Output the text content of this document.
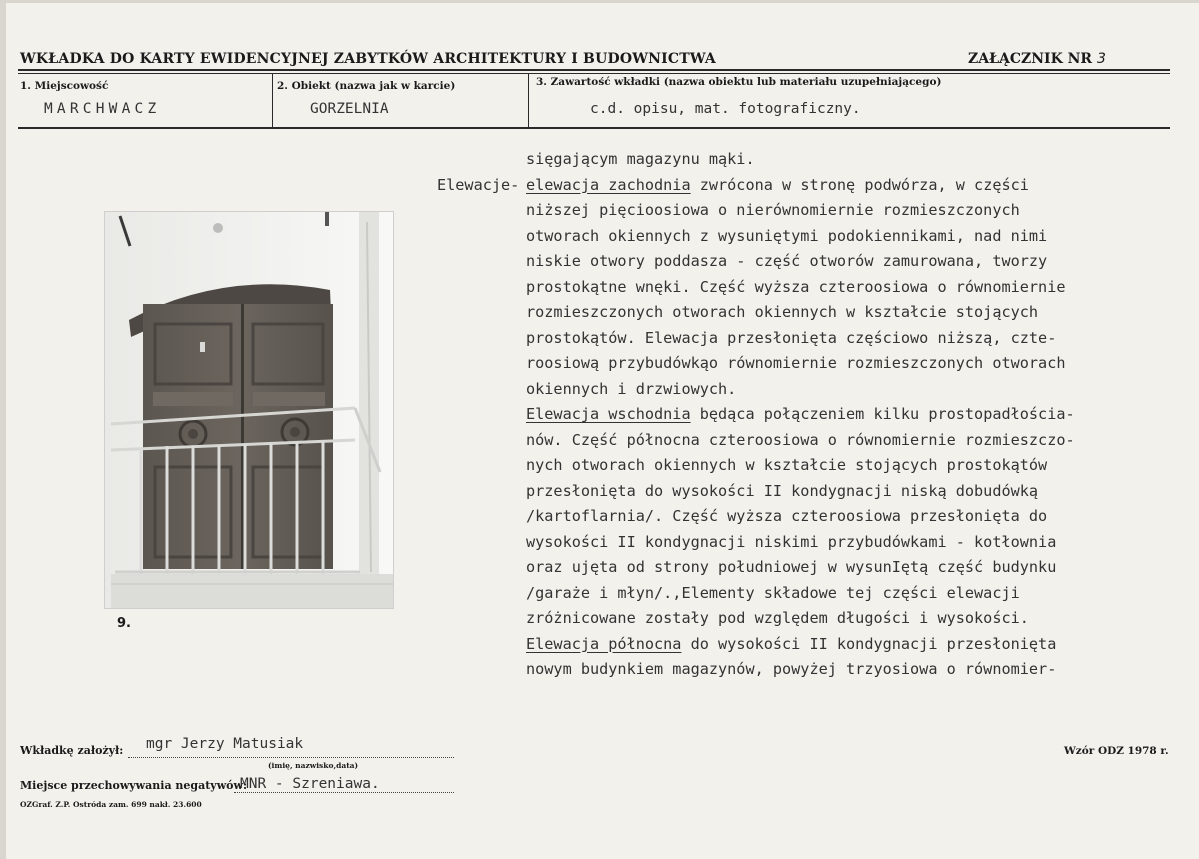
WKŁADKA DO KARTY EWIDENCYJNEJ ZABYTKÓW ARCHITEKTURY I BUDOWNICTWA	ZAŁĄCZNIK NR 3
1. Miejscowość
MARCHWACZ
2. Obiekt (nazwa jak w karcie)
GORZELNIA
3. Zawartość wkładki (nazwa obiektu lub materiału uzupełniającego)
c.d. opisu, mat. fotograficzny.
Elewacje-
sięgającym magazynu mąki.
elewacja zachodnia zwrócona w stronę podwórza, w części
niższej pięcioosiowa o nierównomiernie rozmieszczonych
otworach okiennych z wysuniętymi podokiennikami, nad nimi
niskie otwory poddasza - część otworów zamurowana, tworzy
prostokątne wnęki. Część wyższa czteroosiowa o równomiernie
rozmieszczonych otworach okiennych w kształcie stojących
prostokątów. Elewacja przesłonięta częściowo niższą, czte-
roosiową przybudówkąo równomiernie rozmieszczonych otworach
okiennych i drzwiowych.
Elewacja wschodnia będąca połączeniem kilku prostopadłościa-
nów. Część północna czteroosiowa o równomiernie rozmieszczo-
nych otworach okiennych w kształcie stojących prostokątów
przesłonięta do wysokości II kondygnacji niską dobudówką
/kartoflarnia/. Część wyższa czteroosiowa przesłonięta do
wysokości II kondygnacji niskimi przybudówkami - kotłownia
oraz ujęta od strony południowej w wysunIętą część budynku
/garaże i młyn/.,Elementy składowe tej części elewacji
zróżnicowane zostały pod względem długości i wysokości.
Elewacja północna do wysokości II kondygnacji przesłonięta
nowym budynkiem magazynów, powyżej trzyosiowa o równomier-
9.
Wkładkę założył: mgr Jerzy Matusiak
(imię, nazwisko,data)
Miejsce przechowywania negatywów:
MNR - Szreniawa.
OZGraf. Z.P. Ostróda zam. 699 nakł. 23.600
Wzór ODZ 1978 r.
